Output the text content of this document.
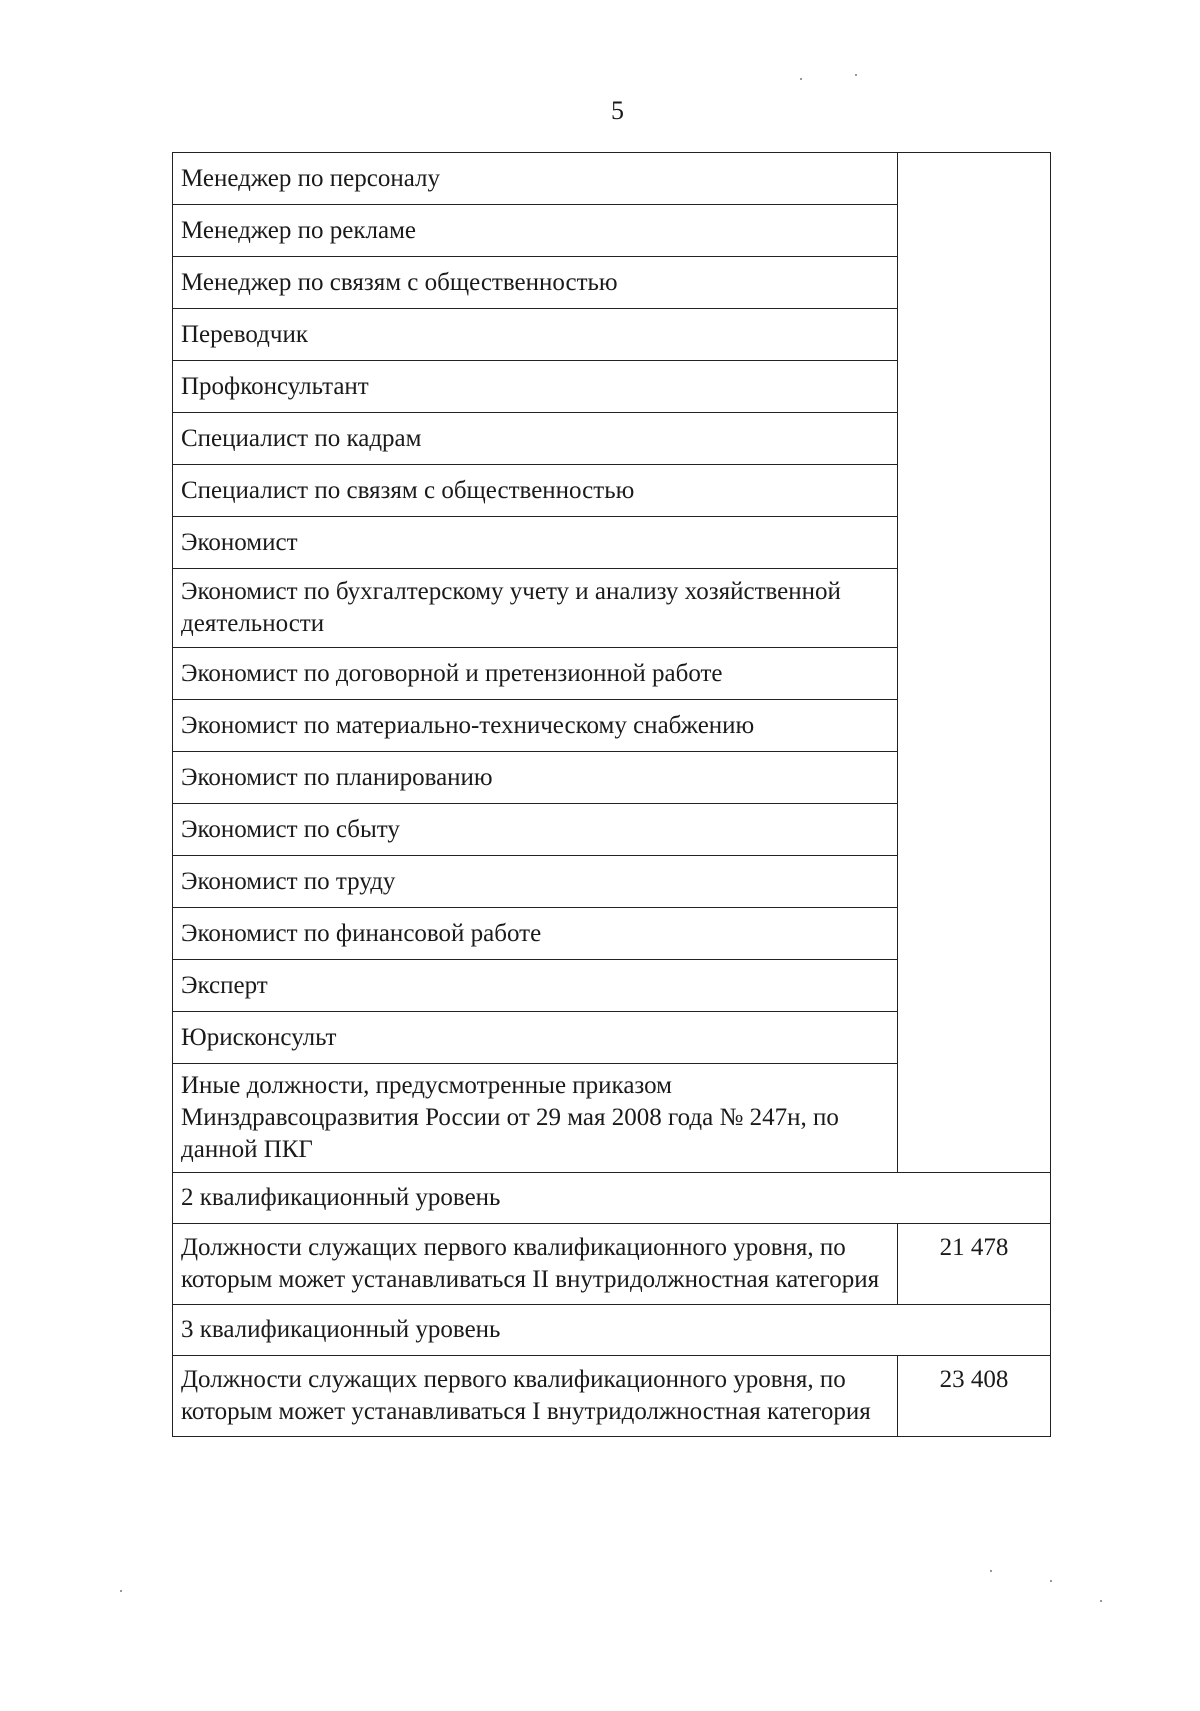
5
Менеджер по персоналу	
Менеджер по рекламе	
Менеджер по связям с общественностью	
Переводчик	
Профконсультант	
Специалист по кадрам	
Специалист по связям с общественностью	
Экономист	
Экономист по бухгалтерскому учету и анализу хозяйственной деятельности	
Экономист по договорной и претензионной работе	
Экономист по материально-техническому снабжению	
Экономист по планированию	
Экономист по сбыту	
Экономист по труду	
Экономист по финансовой работе	
Эксперт	
Юрисконсульт	
Иные должности, предусмотренные приказом Минздравсоцразвития России от 29 мая 2008 года № 247н, по данной ПКГ	
2 квалификационный уровень	
Должности служащих первого квалификационного уровня, по которым может устанавливаться II внутридолжностная категория	21 478
3 квалификационный уровень	
Должности служащих первого квалификационного уровня, по которым может устанавливаться I внутридолжностная категория	23 408
